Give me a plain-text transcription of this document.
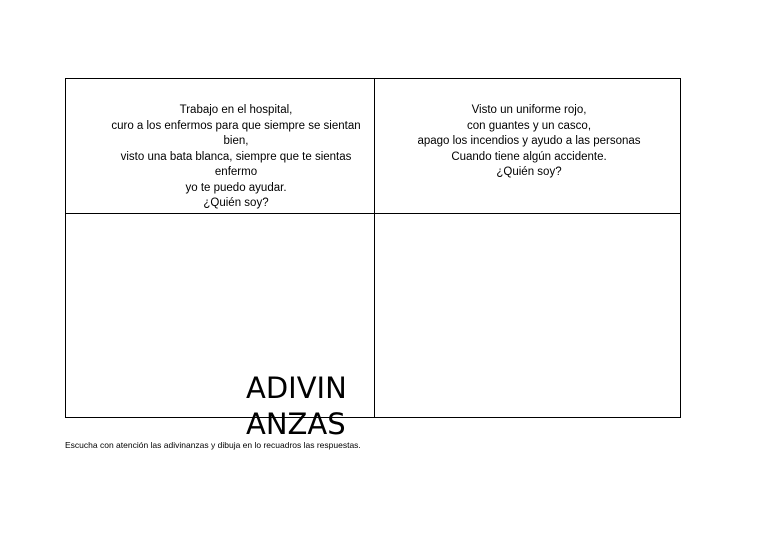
Trabajo en el hospital,
curo a los enfermos para que siempre se sientan bien,
visto una bata blanca, siempre que te sientas enfermo
yo te puedo ayudar.
¿Quién soy?
Visto un uniforme rojo,
con guantes y un casco,
apago los incendios y ayudo a las personas
Cuando tiene algún accidente.
¿Quién soy?
ADIVIN
ANZAS
Escucha con atención las adivinanzas y dibuja en lo recuadros las respuestas.
